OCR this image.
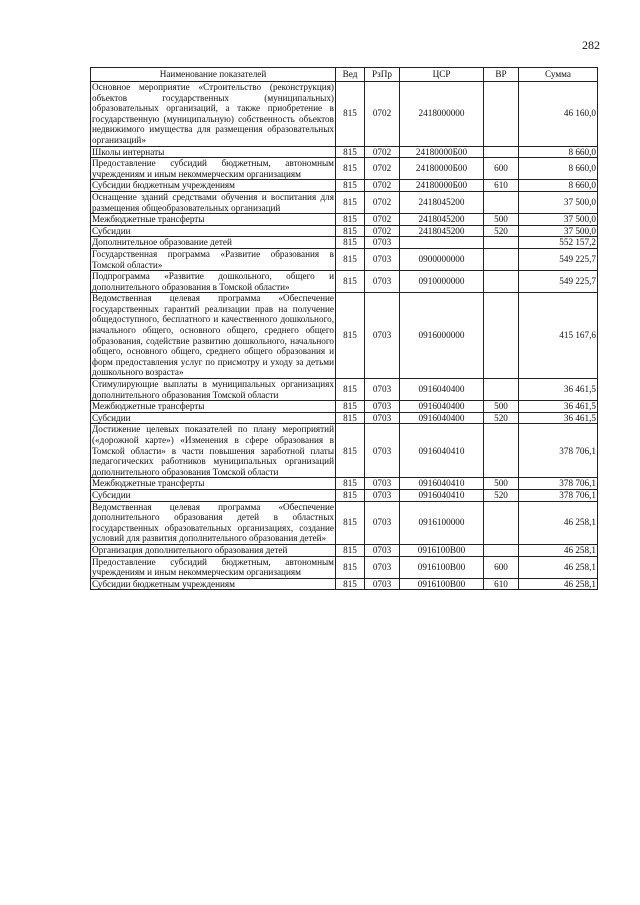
282
Наименование показателей	Вед	РзПр	ЦСР	ВР	Сумма
Основное мероприятие «Строительство (реконструкция) объектов государственных (муниципальных) образовательных организаций, а также приобретение в государственную (муниципальную) собственность объектов недвижимого имущества для размещения образовательных организаций»	815	0702	2418000000		46 160,0
Школы интернаты	815	0702	24180000Б00		8 660,0
Предоставление субсидий бюджетным, автономным учреждениям и иным некоммерческим организациям	815	0702	24180000Б00	600	8 660,0
Субсидии бюджетным учреждениям	815	0702	24180000Б00	610	8 660,0
Оснащение зданий средствами обучения и воспитания для размещения общеобразовательных организаций	815	0702	2418045200		37 500,0
Межбюджетные трансферты	815	0702	2418045200	500	37 500,0
Субсидии	815	0702	2418045200	520	37 500,0
Дополнительное образование детей	815	0703			552 157,2
Государственная программа «Развитие образования в Томской области»	815	0703	0900000000		549 225,7
Подпрограмма «Развитие дошкольного, общего и дополнительного образования в Томской области»	815	0703	0910000000		549 225,7
Ведомственная целевая программа «Обеспечение государственных гарантий реализации прав на получение общедоступного, бесплатного и качественного дошкольного, начального общего, основного общего, среднего общего образования, содействие развитию дошкольного, начального общего, основного общего, среднего общего образования и форм предоставления услуг по присмотру и уходу за детьми дошкольного возраста»	815	0703	0916000000		415 167,6
Стимулирующие выплаты в муниципальных организациях дополнительного образования Томской области	815	0703	0916040400		36 461,5
Межбюджетные трансферты	815	0703	0916040400	500	36 461,5
Субсидии	815	0703	0916040400	520	36 461,5
Достижение целевых показателей по плану мероприятий («дорожной карте») «Изменения в сфере образования в Томской области» в части повышения заработной платы педагогических работников муниципальных организаций дополнительного образования Томской области	815	0703	0916040410		378 706,1
Межбюджетные трансферты	815	0703	0916040410	500	378 706,1
Субсидии	815	0703	0916040410	520	378 706,1
Ведомственная целевая программа «Обеспечение дополнительного образования детей в областных государственных образовательных организациях, создание условий для развития дополнительного образования детей»	815	0703	0916100000		46 258,1
Организация дополнительного образования детей	815	0703	0916100В00		46 258,1
Предоставление субсидий бюджетным, автономным учреждениям и иным некоммерческим организациям	815	0703	0916100В00	600	46 258,1
Субсидии бюджетным учреждениям	815	0703	0916100В00	610	46 258,1
